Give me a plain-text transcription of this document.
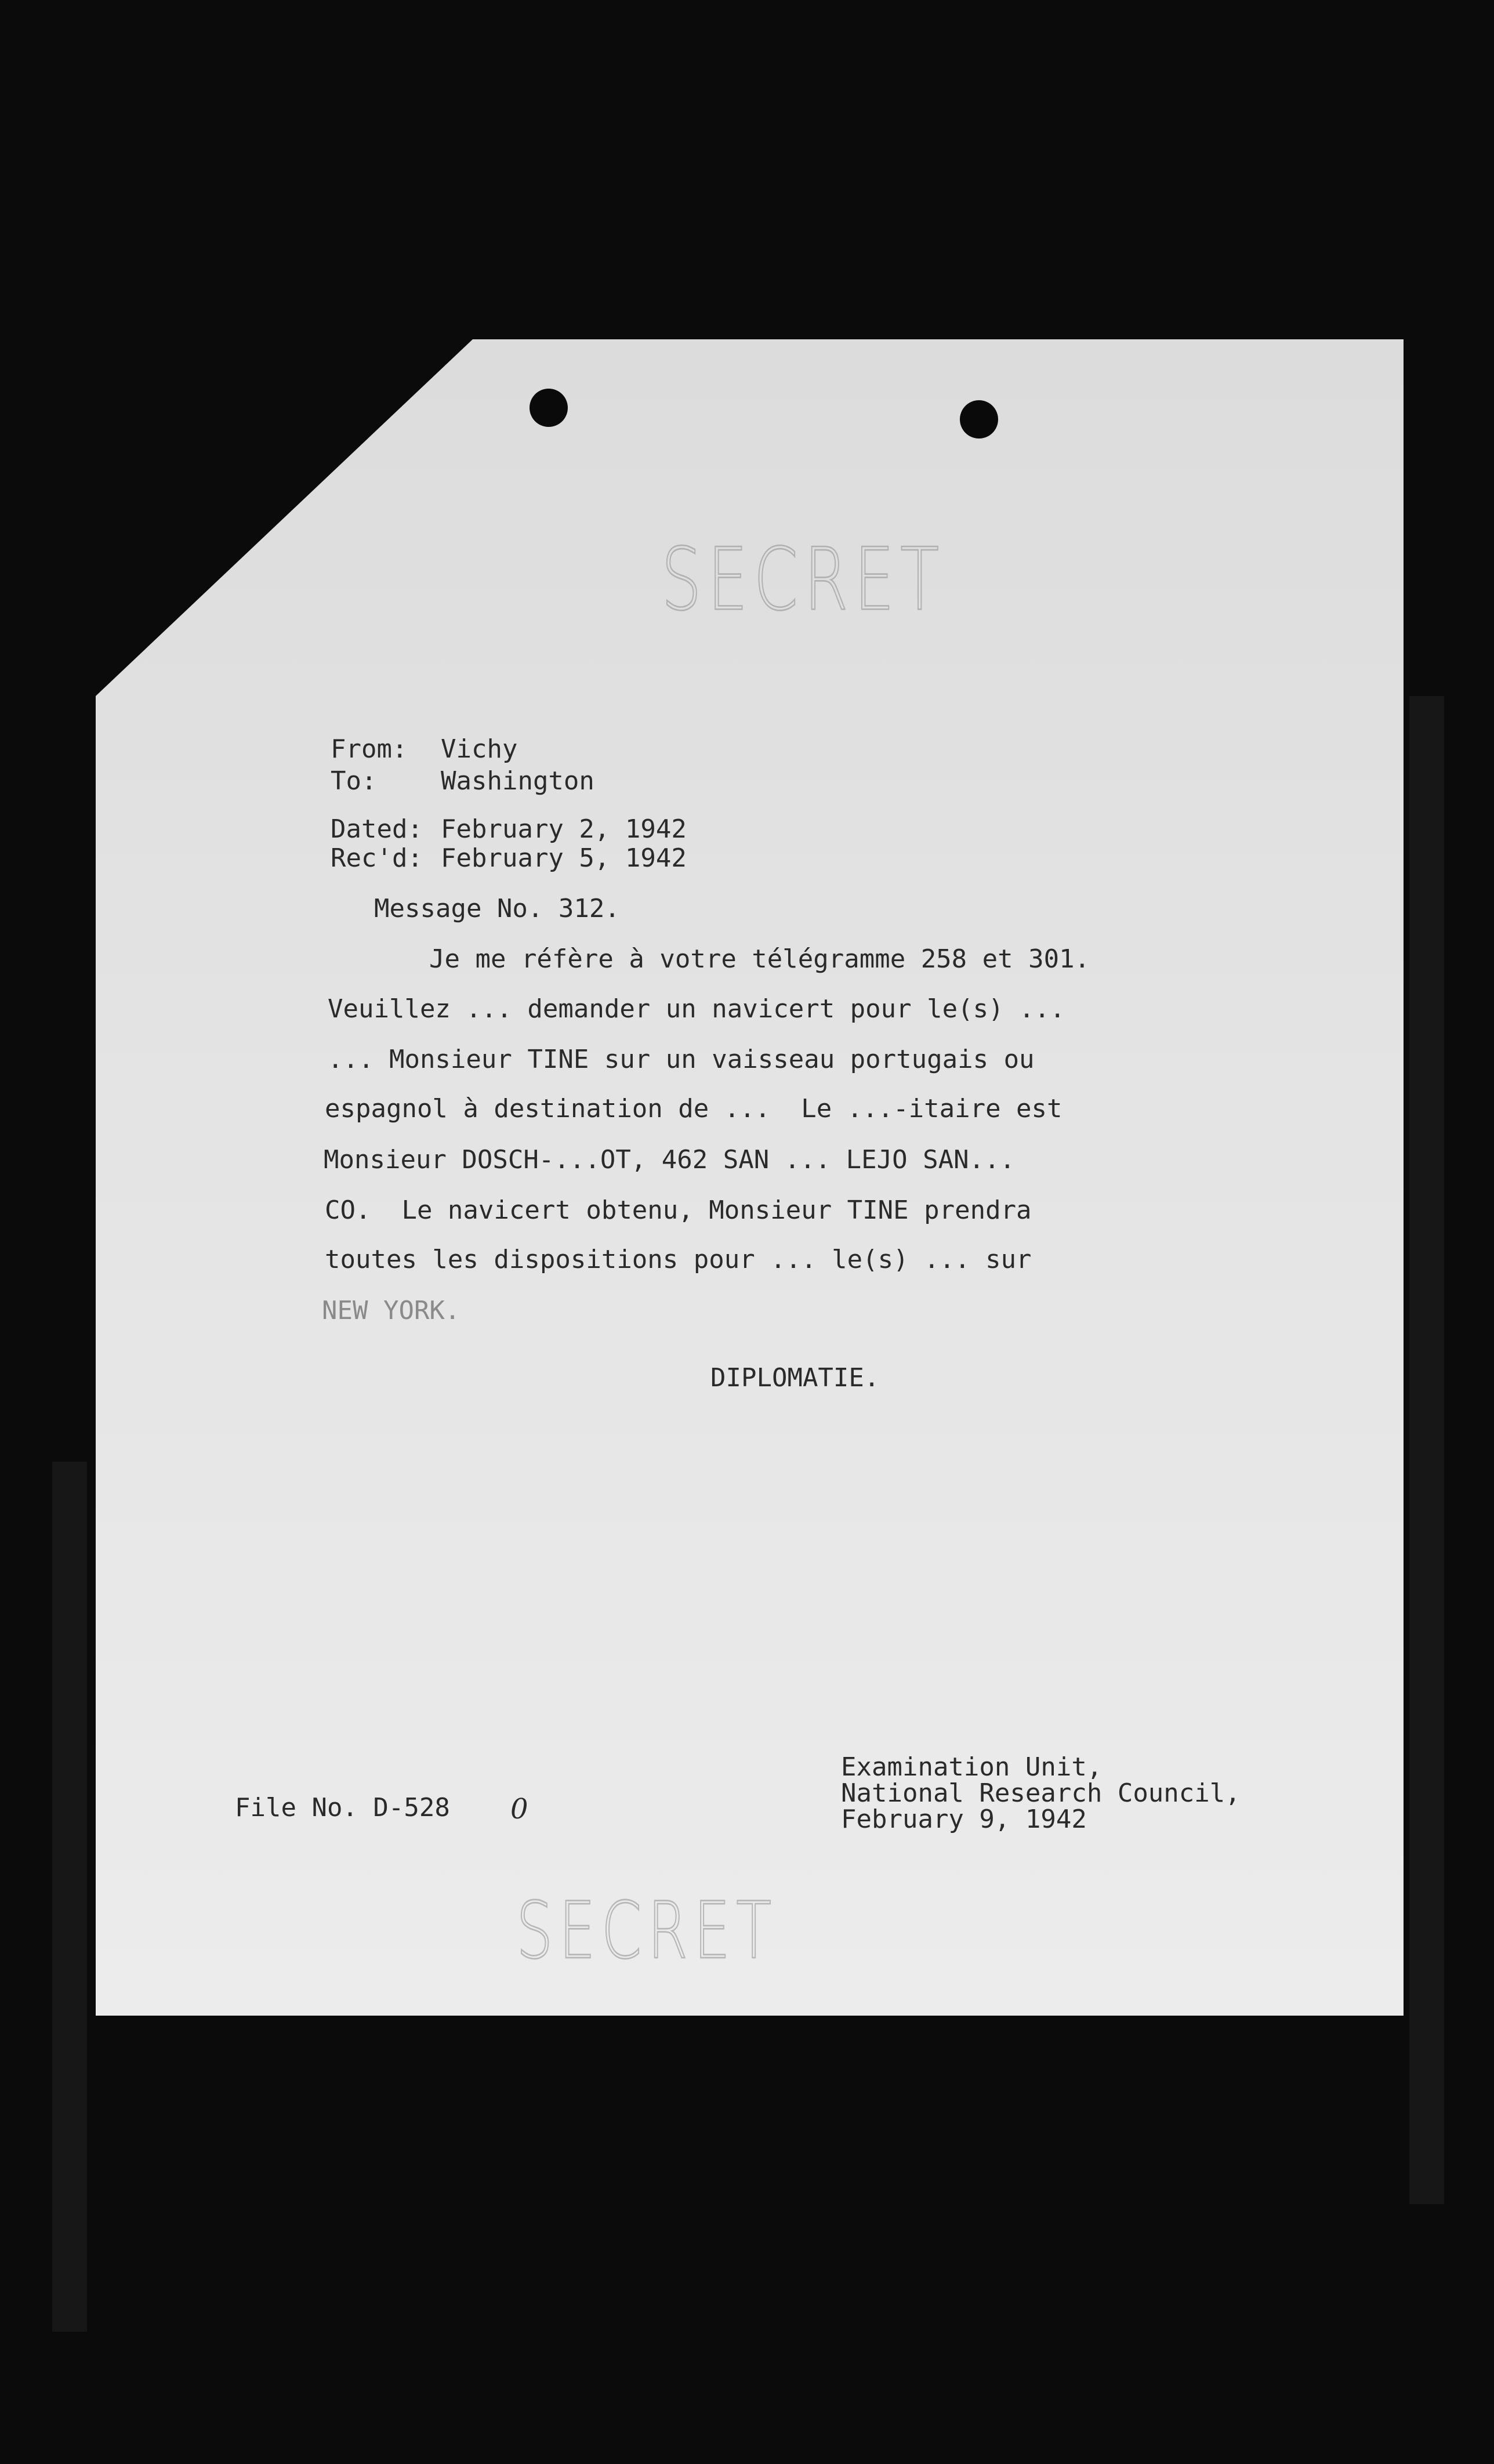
SECRET
From: Vichy
To:	Washington
Dated: February 2, 1942
Rec'd: February 5, 1942
Message No. 312.
Je me réfère à votre télégramme 258 et 301.
Veuillez ... demander un navicert pour le(s) ...
... Monsieur TINE sur un vaisseau portugais ou
espagnol à destination de ...  Le ...-itaire est
Monsieur DOSCH-...OT, 462 SAN ... LEJO SAN...
CO.  Le navicert obtenu, Monsieur TINE prendra
toutes les dispositions pour ... le(s) ... sur
NEW YORK.
DIPLOMATIE.
File No. D-528 0
Examination Unit,
National Research Council,
February 9, 1942
SECRET
